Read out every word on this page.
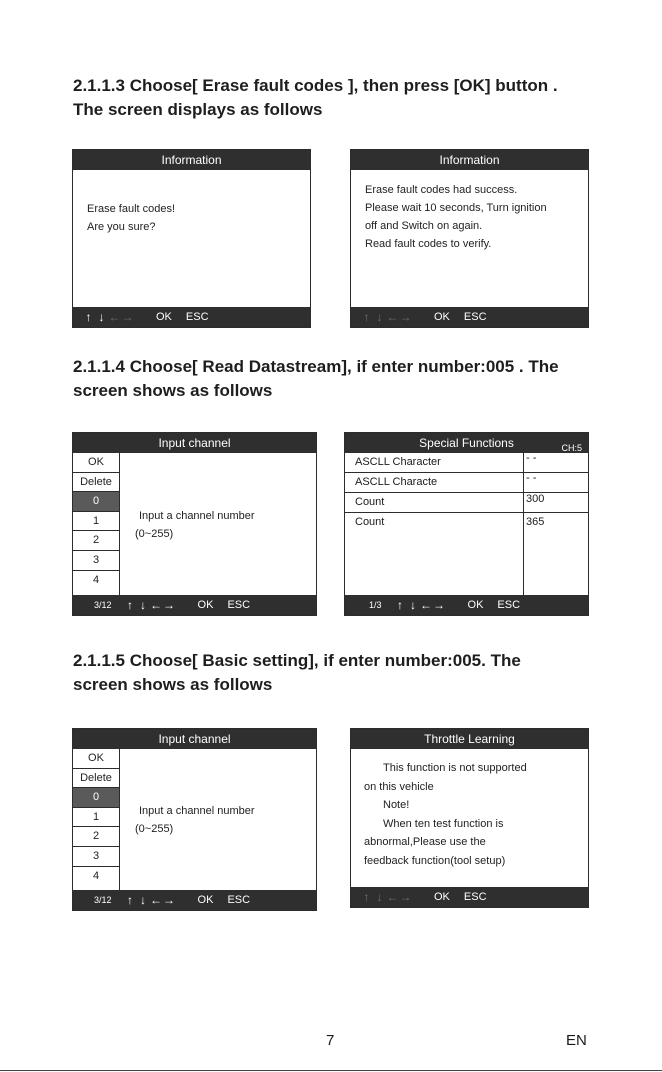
2.1.1.3 Choose[ Erase fault codes ], then press [OK] button .
The screen displays as follows
Information
Erase fault codes!
Are you sure?
↑ ↓ ← → OK ESC
Information
Erase fault codes had success.
Please wait 10 seconds, Turn ignition
off and Switch on again.
Read fault codes to verify.
↑ ↓ ← → OK ESC
2.1.1.4 Choose[ Read Datastream], if enter number:005 . The
screen shows as follows
Input channel
OK
Delete
0
1
2
3
4
Input a channel number
(0~255)
3/12 ↑ ↓ ← → OK ESC
Special Functions	CH:5
ASCLL Character	- -
ASCLL Characte	- -
Count	300
Count	365
1/3 ↑ ↓ ← → OK ESC
2.1.1.5 Choose[ Basic setting], if enter number:005. The
screen shows as follows
Input channel
OK
Delete
0
1
2
3
4
Input a channel number
(0~255)
3/12 ↑ ↓ ← → OK ESC
Throttle Learning
This function is not supported
on this vehicle
Note!
When ten test function is
abnormal,Please use the
feedback function(tool setup)
↑ ↓ ← → OK ESC
7	EN
